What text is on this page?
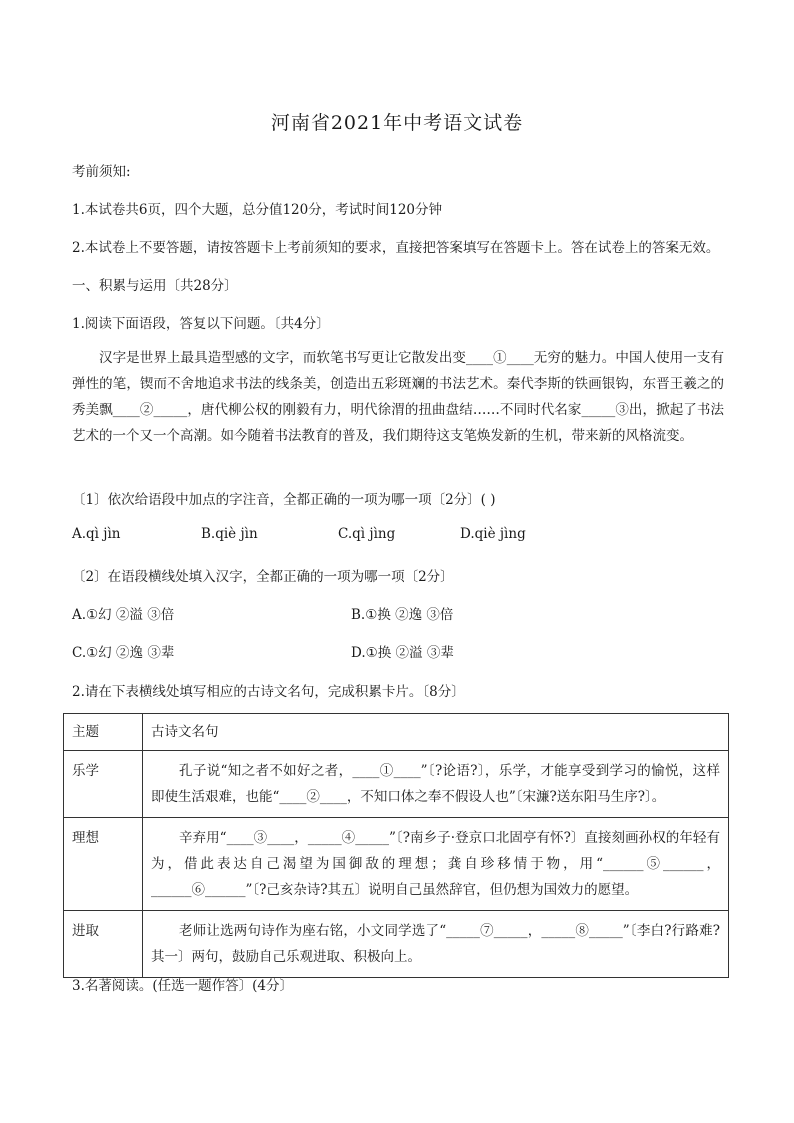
河南省2021年中考语文试卷
考前须知:
1.本试卷共6页，四个大题，总分值120分，考试时间120分钟
2.本试卷上不要答题，请按答题卡上考前须知的要求，直接把答案填写在答题卡上。答在试卷上的答案无效。
一、积累与运用〔共28分〕
1.阅读下面语段，答复以下问题。〔共4分〕
汉字是世界上最具造型感的文字，而软笔书写更让它散发出变____①____无穷的魅力。中国人使用一支有弹性的笔，锲而不舍地追求书法的线条美，创造出五彩斑斓的书法艺术。秦代李斯的铁画银钩，东晋王羲之的秀美飘____②_____，唐代柳公权的刚毅有力，明代徐渭的扭曲盘结……不同时代名家_____③出，掀起了书法艺术的一个又一个高潮。如今随着书法教育的普及，我们期待这支笔焕发新的生机，带来新的风格流变。
〔1〕依次给语段中加点的字注音，全都正确的一项为哪一项〔2分〕( )
A.qì jìn	B.qiè jìn	C.qì jìng	D.qiè jìng
〔2〕在语段横线处填入汉字，全都正确的一项为哪一项〔2分〕
A.①幻 ②溢 ③倍	B.①换 ②逸 ③倍
C.①幻 ②逸 ③辈	D.①换 ②溢 ③辈
2.请在下表横线处填写相应的古诗文名句，完成积累卡片。〔8分〕
主题	古诗文名句
乐学	孔子说“知之者不如好之者，____①____”〔?论语?〕，乐学，才能享受到学习的愉悦，这样即使生活艰难，也能“____②____，不知口体之奉不假设人也”〔宋濂?送东阳马生序?〕。
理想	辛弃用“____③____，_____④_____”〔?南乡子·登京口北固亭有怀?〕直接刻画孙权的年轻有为，借此表达自己渴望为国御敌的理想；龚自珍移情于物，用“______⑤______，______⑥______”〔?己亥杂诗?其五〕说明自己虽然辞官，但仍想为国效力的愿望。
进取	老师让选两句诗作为座右铭，小文同学选了“_____⑦_____，_____⑧_____”〔李白?行路难?其一〕两句，鼓励自己乐观进取、积极向上。
3.名著阅读。(任选一题作答〕(4分〕
